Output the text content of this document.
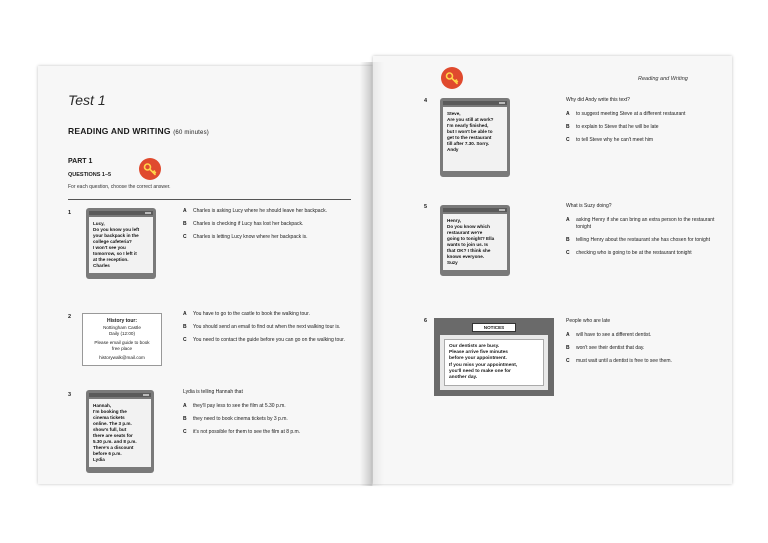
Test 1
READING AND WRITING (60 minutes)
PART 1
QUESTIONS 1–5
For each question, choose the correct answer.
1
Lucy,
Do you know you left
your backpack in the
college cafeteria?
I won't see you
tomorrow, so I left it
at the reception.
Charles
A	Charles is asking Lucy where he should leave her backpack.
B	Charles is checking if Lucy has lost her backpack.
C	Charles is letting Lucy know where her backpack is.
2
History tour:
Nottingham Castle
Daily (12:00)
Please email guide to book
free place
historywalk@mail.com
A	You have to go to the castle to book the walking tour.
B	You should send an email to find out when the next walking tour is.
C	You need to contact the guide before you can go on the walking tour.
3
Hannah,
I'm booking the
cinema tickets
online. The 3 p.m.
show's full, but
there are seats for
5.30 p.m. and 8 p.m.
There's a discount
before 6 p.m.
Lydia
Lydia is telling Hannah that
A	they'll pay less to see the film at 5.30 p.m.
B	they need to book cinema tickets by 3 p.m.
C	it's not possible for them to see the film at 8 p.m.
Reading and Writing
4
Steve,
Are you still at work?
I'm nearly finished,
but I won't be able to
get to the restaurant
till after 7.30. Sorry.
Andy
Why did Andy write this text?
A	to suggest meeting Steve at a different restaurant
B	to explain to Steve that he will be late
C	to tell Steve why he can't meet him
5
Henry,
Do you know which
restaurant we're
going to tonight? Ella
wants to join us. Is
that OK? I think she
knows everyone.
Suzy
What is Suzy doing?
A	asking Henry if she can bring an extra person to the restaurant tonight
B	telling Henry about the restaurant she has chosen for tonight
C	checking who is going to be at the restaurant tonight
6
NOTICES
Our dentists are busy.
Please arrive five minutes
before your appointment.
If you miss your appointment,
you'll need to make one for
another day.
People who are late
A	will have to see a different dentist.
B	won't see their dentist that day.
C	must wait until a dentist is free to see them.
